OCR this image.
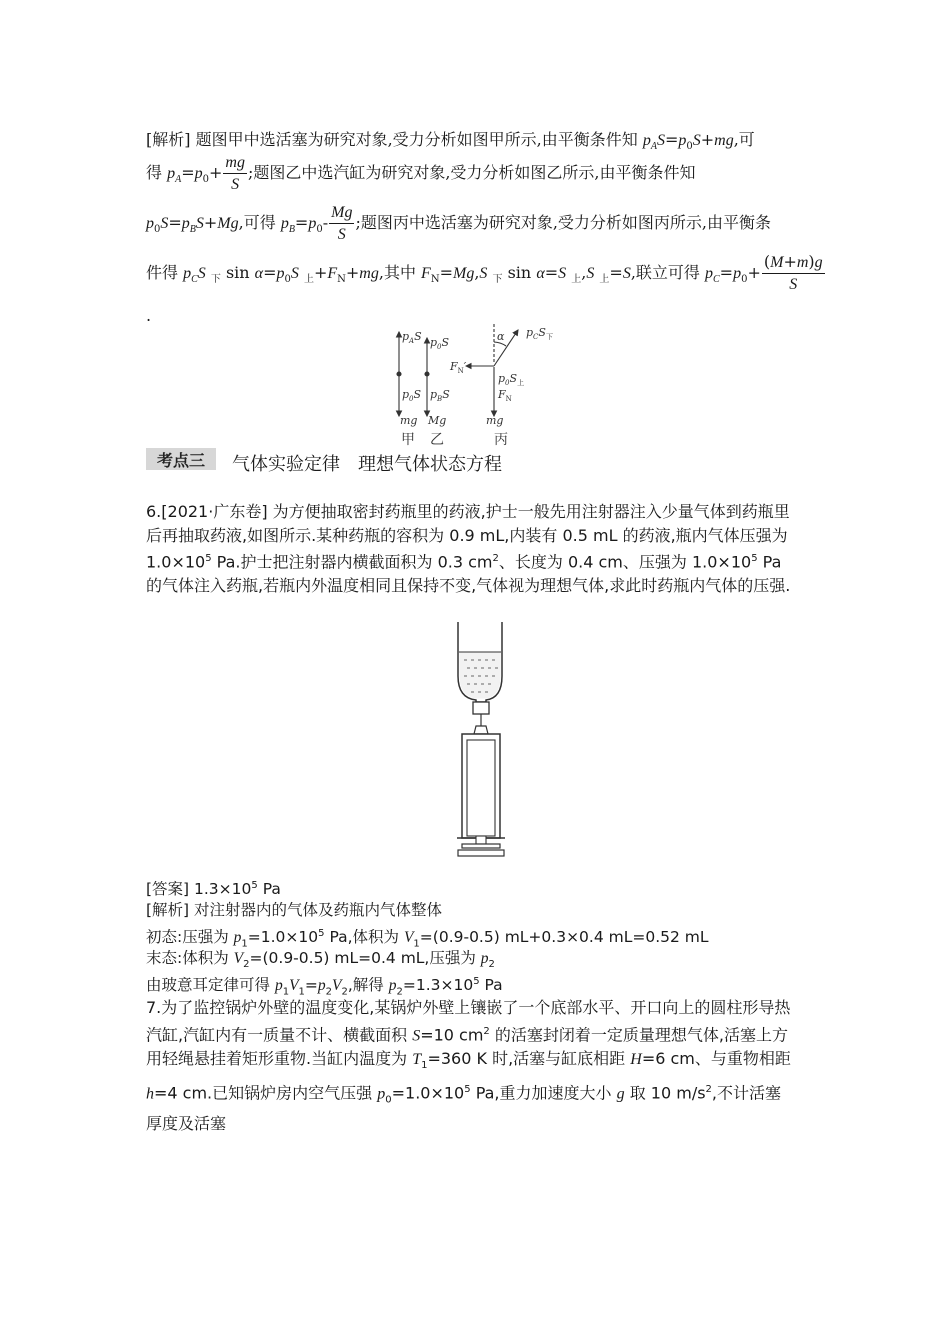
[解析] 题图甲中选活塞为研究对象,受力分析如图甲所示,由平衡条件知 $p_AS=p_0S+mg$,可
得 $p_A=p_0+ \frac{mg}{S}$ ;题图乙中选汽缸为研究对象,受力分析如图乙所示,由平衡条件知
$p_0S=p_BS+Mg$,可得 $p_B=p_0- \frac{Mg}{S}$ ;题图丙中选活塞为研究对象,受力分析如图丙所示,由平衡条
件得 $p_CS$ $_下$ $\sin \alpha=p_0S$ $_上+F_N+mg$,其中 $F_N=Mg,S$ $_下$ sin α=S $_上$,S $_上$=S,联立可得 $p_C=p_0+ \frac{(M+m)g}{S}$
.
$p_AS$
$p_0S$
mg
$p_0S$
$p_BS$
Mg
α $p_CS_下$
$F_N'$
$p_0S_上$
$F_N$
mg
甲 乙	丙
考点三	气体实验定律　理想气体状态方程
6.[2021·广东卷] 为方便抽取密封药瓶里的药液,护士一般先用注射器注入少量气体到药瓶里后再抽取药液,如图所示.某种药瓶的容积为 0.9 mL,内装有 0.5 mL 的药液,瓶内气体压强为 $1.0\times 10^5$ Pa.护士把注射器内横截面积为 0.3 $cm^2$、长度为 0.4 cm、压强为 $1.0\times 10^5$ Pa 的气体注入药瓶,若瓶内外温度相同且保持不变,气体视为理想气体,求此时药瓶内气体的压强.
[答案] $1.3\times 10^5$ Pa
[解析] 对注射器内的气体及药瓶内气体整体
初态:压强为 $p_1=1.0\times 10^5$ Pa,体积为 $V_1=(0.9-0.5)$ mL+0.3×0.4 mL=0.52 mL
末态:体积为 $V_2=(0.9-0.5)$ mL=0.4 mL,压强为 $p_2$
由玻意耳定律可得 $p_1V_1=p_2V_2$,解得 $p_2=1.3\times 10^5$ Pa
7.为了监控锅炉外壁的温度变化,某锅炉外壁上镶嵌了一个底部水平、开口向上的圆柱形导热汽缸,汽缸内有一质量不计、横截面积 S=10 $cm^2$ 的活塞封闭着一定质量理想气体,活塞上方用轻绳悬挂着矩形重物.当缸内温度为 $T_1=360$ K 时,活塞与缸底相距 H=6 cm、与重物相距 h=4 cm.已知锅炉房内空气压强 $p_0=1.0\times 10^5$ Pa,重力加速度大小 g 取 10 $m/s^2$,不计活塞厚度及活塞
